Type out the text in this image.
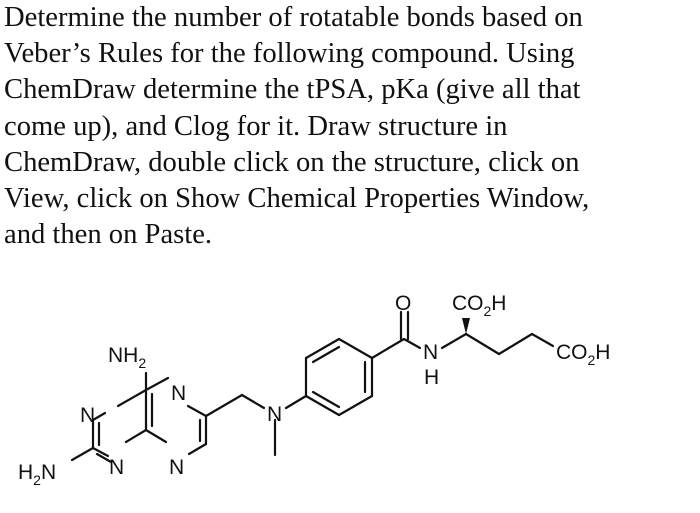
Determine the number of rotatable bonds based on
Veber’s Rules for the following compound. Using
ChemDraw determine the tPSA, pKa (give all that
come up), and Clog for it. Draw structure in
ChemDraw, double click on the structure, click on
View, click on Show Chemical Properties Window,
and then on Paste.
$NH_2$
$H_2N$
N
N
N
N
N
O
N
H
$CO_2H$
$CO_2H$
